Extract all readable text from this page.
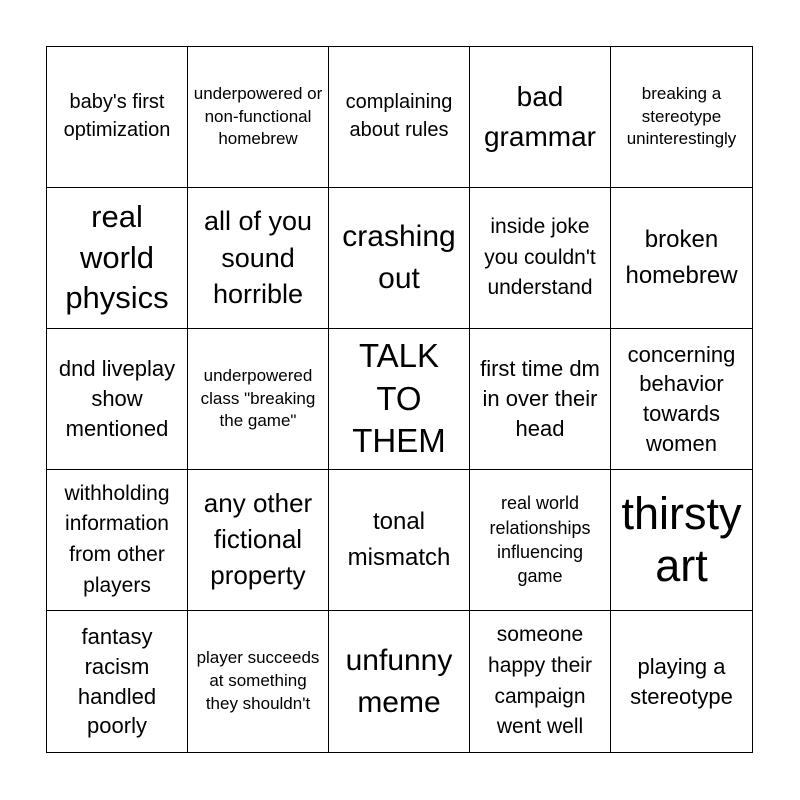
baby's first optimization
underpowered or non-functional homebrew
complaining about rules
bad grammar
breaking a stereotype uninterestingly
real world physics
all of you sound horrible
crashing out
inside joke you couldn't understand
broken homebrew
dnd liveplay show mentioned
underpowered class "breaking the game"
TALK TO THEM
first time dm in over their head
concerning behavior towards women
withholding information from other players
any other fictional property
tonal mismatch
real world relationships influencing game
thirsty art
fantasy racism handled poorly
player succeeds at something they shouldn't
unfunny meme
someone happy their campaign went well
playing a stereotype
